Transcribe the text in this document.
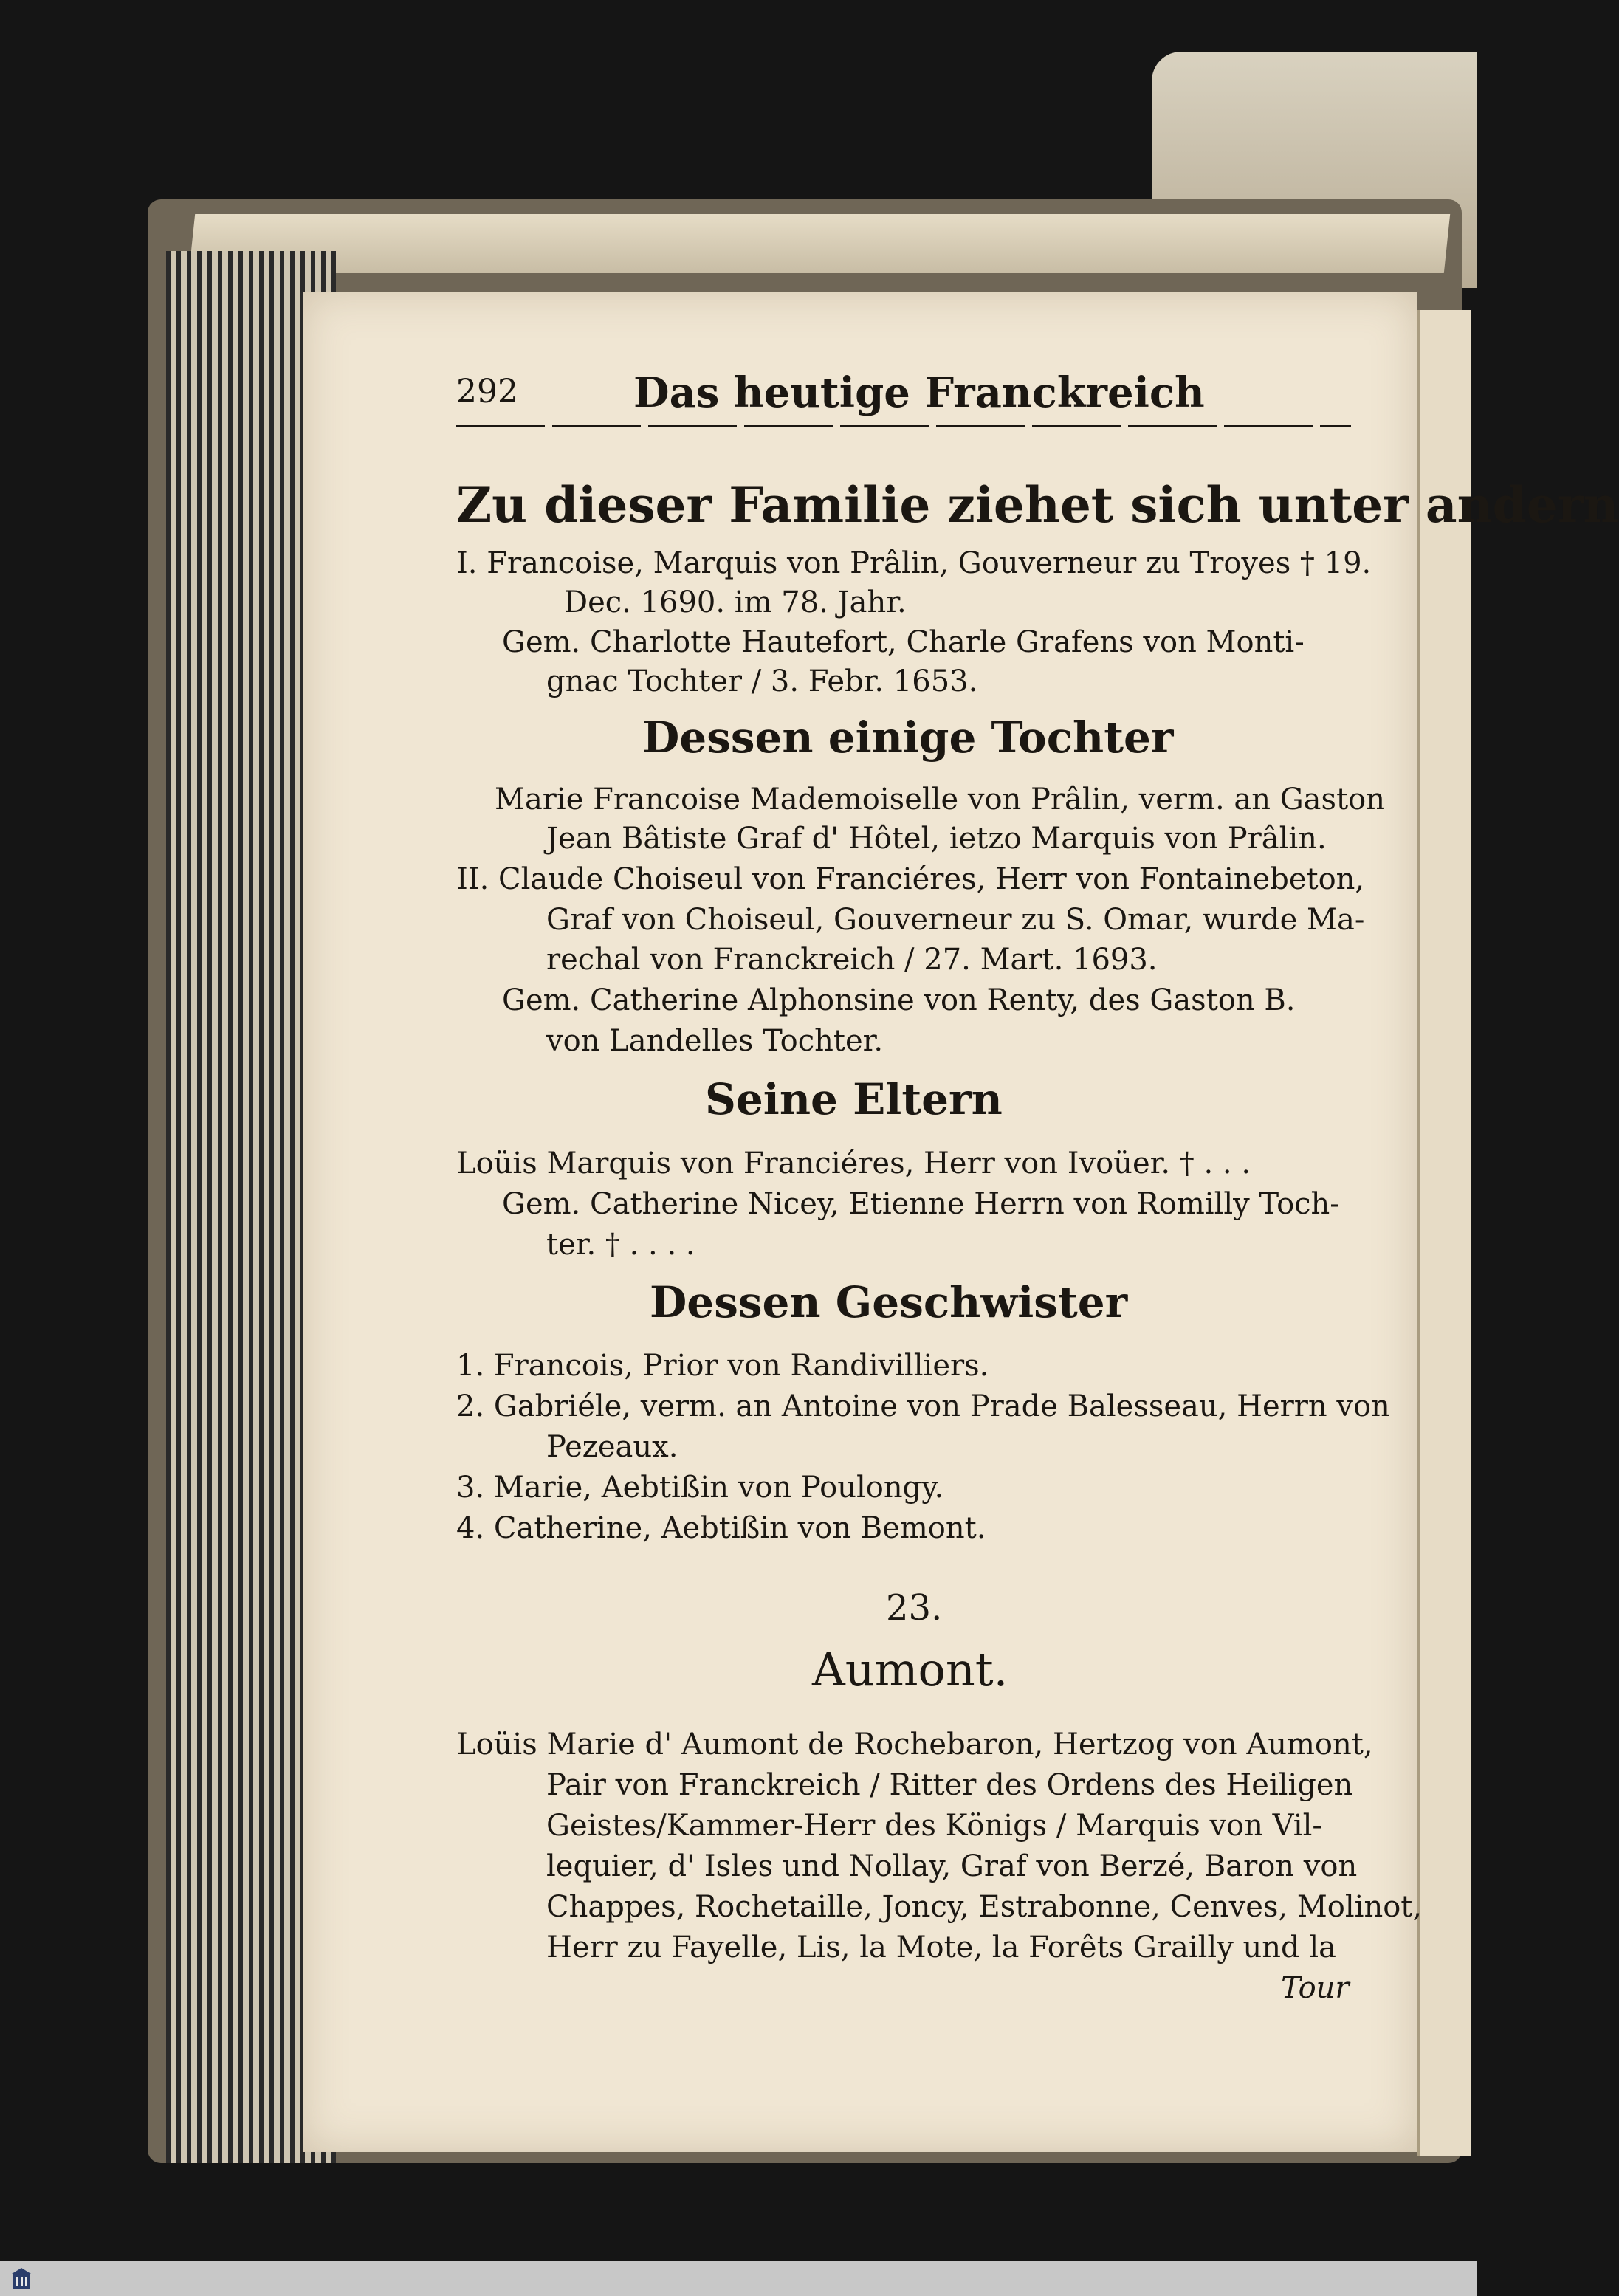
292	Das heutige Franckreich
Zu dieser Familie ziehet sich unter andern
I. Francoise, Marquis von Prâlin, Gouverneur zu Troyes † 19.
Dec. 1690. im 78. Jahr.
Gem. Charlotte Hautefort, Charle Grafens von Monti-
gnac Tochter / 3. Febr. 1653.
Dessen einige Tochter
Marie Francoise Mademoiselle von Prâlin, verm. an Gaston
Jean Bâtiste Graf d' Hôtel, ietzo Marquis von Prâlin.
II. Claude Choiseul von Franciéres, Herr von Fontainebeton,
Graf von Choiseul, Gouverneur zu S. Omar, wurde Ma-
rechal von Franckreich / 27. Mart. 1693.
Gem. Catherine Alphonsine von Renty, des Gaston B.
von Landelles Tochter.
Seine Eltern
Loüis Marquis von Franciéres, Herr von Ivoüer. † . . .
Gem. Catherine Nicey, Etienne Herrn von Romilly Toch-
ter. † . . . .
Dessen Geschwister
1. Francois, Prior von Randivilliers.
2. Gabriéle, verm. an Antoine von Prade Balesseau, Herrn von
Pezeaux.
3. Marie, Aebtißin von Poulongy.
4. Catherine, Aebtißin von Bemont.
23.
Aumont.
Loüis Marie d' Aumont de Rochebaron, Hertzog von Aumont,
Pair von Franckreich / Ritter des Ordens des Heiligen
Geistes/Kammer-Herr des Königs / Marquis von Vil-
lequier, d' Isles und Nollay, Graf von Berzé, Baron von
Chappes, Rochetaille, Joncy, Estrabonne, Cenves, Molinot,
Herr zu Fayelle, Lis, la Mote, la Forêts Grailly und la
Tour
